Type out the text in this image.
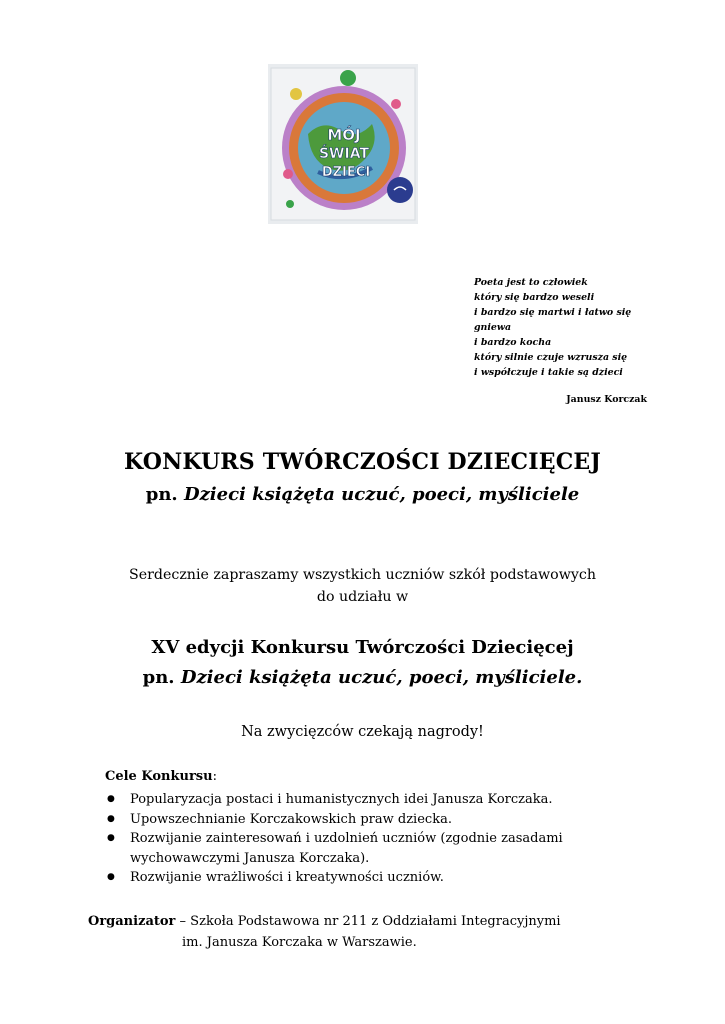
MÓJ
ŚWIAT
DZIECI
Poeta jest to człowiek
który się bardzo weseli
i bardzo się martwi i łatwo się
gniewa
i bardzo kocha
który silnie czuje wzrusza się
i współczuje i takie są dzieci
Janusz Korczak
KONKURS TWÓRCZOŚCI DZIECIĘCEJ
pn. Dzieci książęta uczuć, poeci, myśliciele
Serdecznie zapraszamy wszystkich uczniów szkół podstawowych
do udziału w
XV edycji Konkursu Twórczości Dziecięcej
pn. Dzieci książęta uczuć, poeci, myśliciele.
Na zwycięzców czekają nagrody!
Cele Konkursu:
● Popularyzacja postaci i humanistycznych idei Janusza Korczaka.
● Upowszechnianie Korczakowskich praw dziecka.
● Rozwijanie zainteresowań i uzdolnień uczniów (zgodnie zasadami wychowawczymi Janusza Korczaka).
● Rozwijanie wrażliwości i kreatywności uczniów.
Organizator – Szkoła Podstawowa nr 211 z Oddziałami Integracyjnymi
im. Janusza Korczaka w Warszawie.
